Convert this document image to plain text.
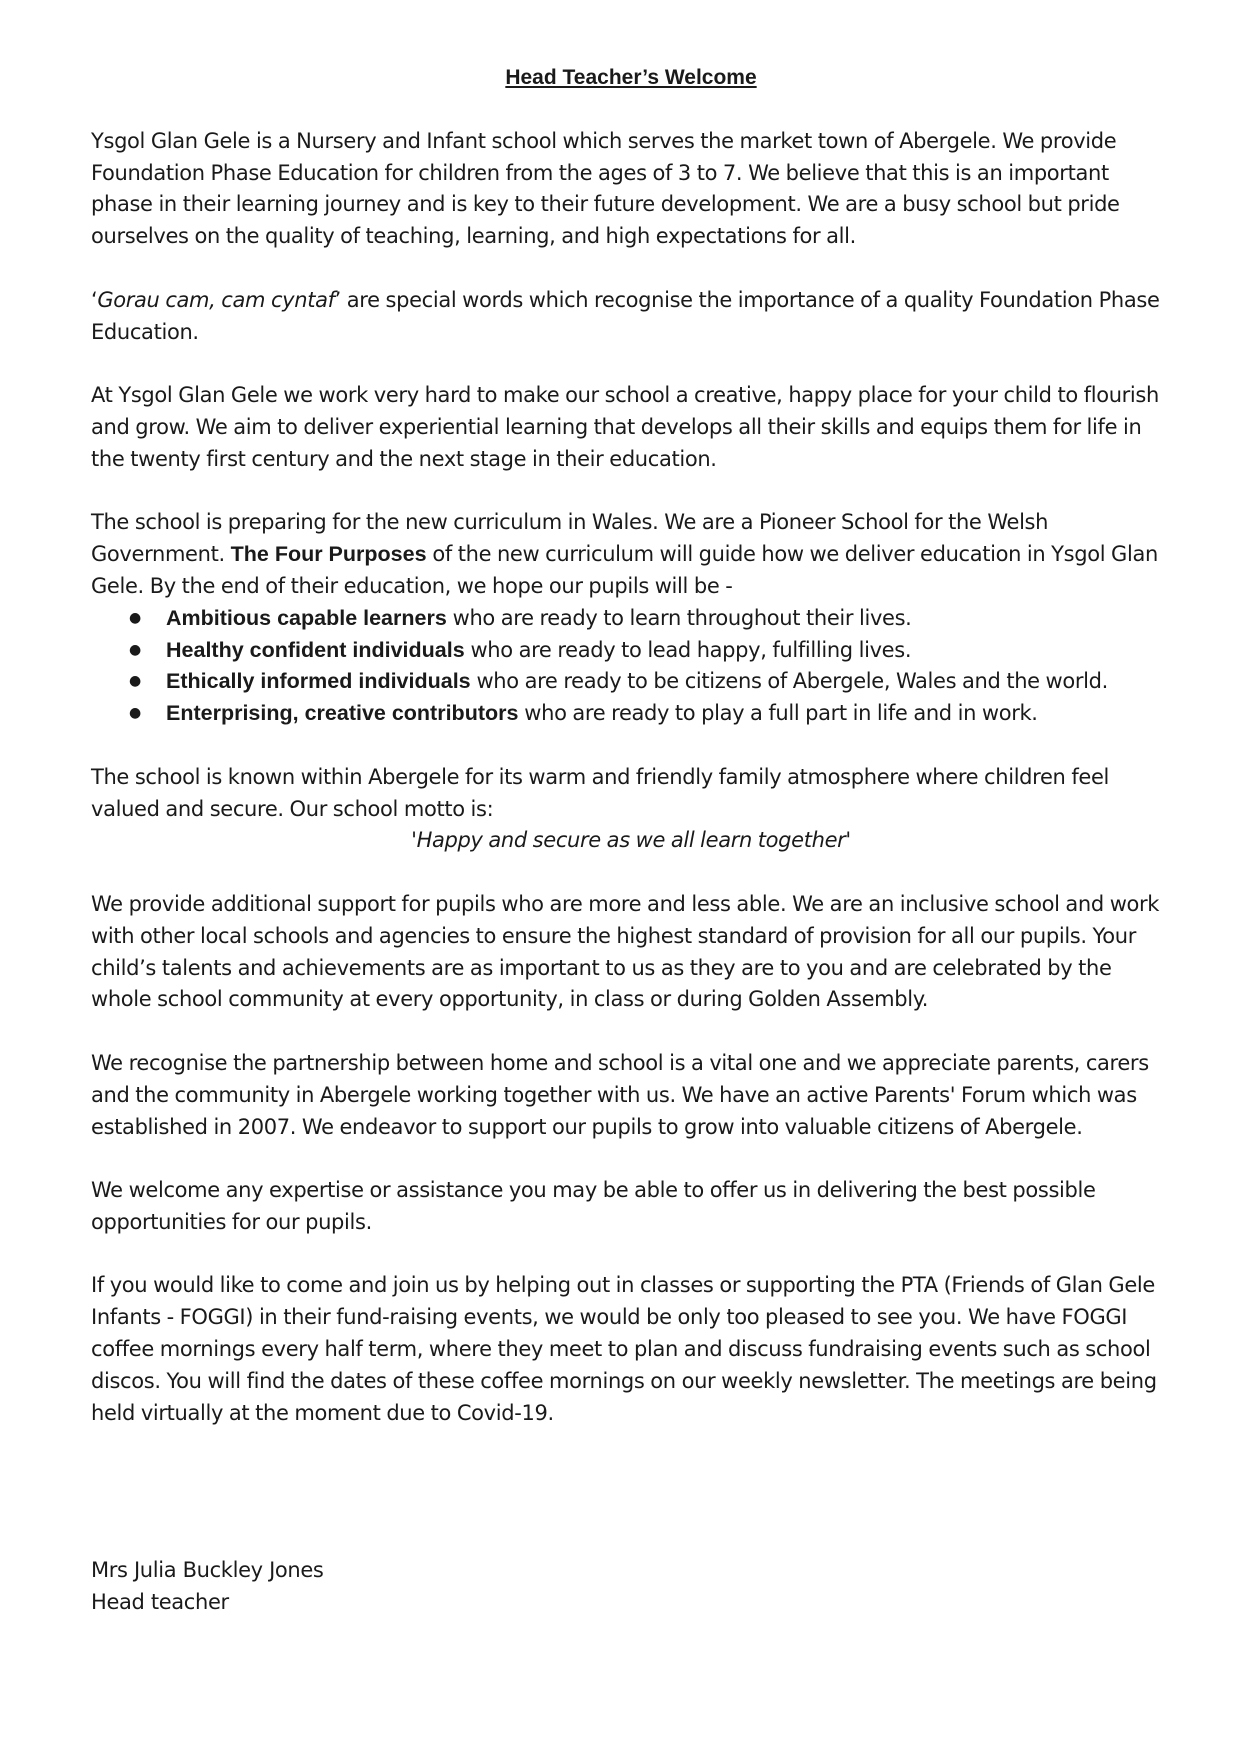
Head Teacher’s Welcome

Ysgol Glan Gele is a Nursery and Infant school which serves the market town of Abergele. We provide Foundation Phase Education for children from the ages of 3 to 7. We believe that this is an important phase in their learning journey and is key to their future development. We are a busy school but pride ourselves on the quality of teaching, learning, and high expectations for all.

‘Gorau cam, cam cyntaf’ are special words which recognise the importance of a quality Foundation Phase Education.

At Ysgol Glan Gele we work very hard to make our school a creative, happy place for your child to flourish and grow. We aim to deliver experiential learning that develops all their skills and equips them for life in the twenty first century and the next stage in their education.

The school is preparing for the new curriculum in Wales. We are a Pioneer School for the Welsh Government. The Four Purposes of the new curriculum will guide how we deliver education in Ysgol Glan Gele. By the end of their education, we hope our pupils will be -

● Ambitious capable learners who are ready to learn throughout their lives.
● Healthy confident individuals who are ready to lead happy, fulfilling lives.
● Ethically informed individuals who are ready to be citizens of Abergele, Wales and the world.
● Enterprising, creative contributors who are ready to play a full part in life and in work.

The school is known within Abergele for its warm and friendly family atmosphere where children feel valued and secure. Our school motto is:
'Happy and secure as we all learn together'

We provide additional support for pupils who are more and less able. We are an inclusive school and work with other local schools and agencies to ensure the highest standard of provision for all our pupils. Your child’s talents and achievements are as important to us as they are to you and are celebrated by the whole school community at every opportunity, in class or during Golden Assembly.

We recognise the partnership between home and school is a vital one and we appreciate parents, carers and the community in Abergele working together with us. We have an active Parents' Forum which was established in 2007. We endeavor to support our pupils to grow into valuable citizens of Abergele.

We welcome any expertise or assistance you may be able to offer us in delivering the best possible opportunities for our pupils.

If you would like to come and join us by helping out in classes or supporting the PTA (Friends of Glan Gele Infants - FOGGI) in their fund-raising events, we would be only too pleased to see you. We have FOGGI coffee mornings every half term, where they meet to plan and discuss fundraising events such as school discos. You will find the dates of these coffee mornings on our weekly newsletter. The meetings are being held virtually at the moment due to Covid-19.

Mrs Julia Buckley Jones
Head teacher
